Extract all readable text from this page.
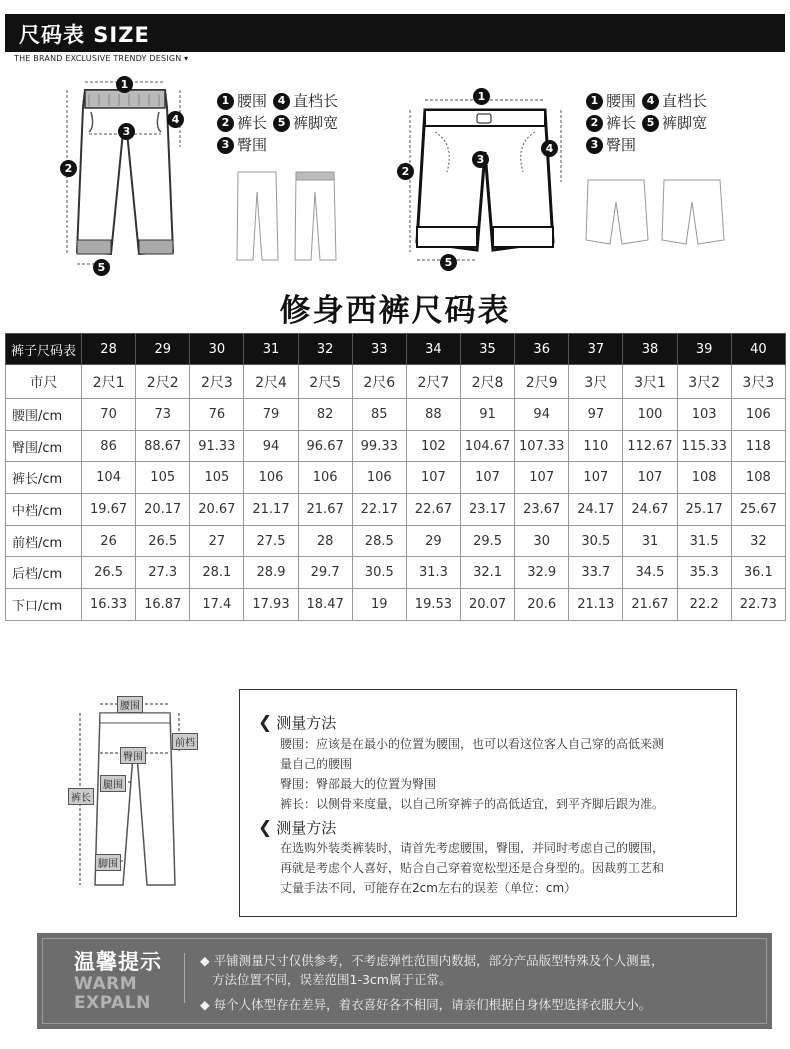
尺码表 SIZE
THE BRAND EXCLUSIVE TRENDY DESIGN ▾
1
2
3
4
5
1 腰围 4 直档长
2 裤长 5 裤脚宽
3 臀围
1
2
3
4
5
1 腰围 4 直档长
2 裤长 5 裤脚宽
3 臀围
修身西裤尺码表
裤子尺码表	28	29	30	31	32	33	34	35	36	37	38	39	40
市尺	2尺1	2尺2	2尺3	2尺4	2尺5	2尺6	2尺7	2尺8	2尺9	3尺	3尺1	3尺2	3尺3
腰围/cm	70	73	76	79	82	85	88	91	94	97	100	103	106
臀围/cm	86	88.67	91.33	94	96.67	99.33	102	104.67	107.33	110	112.67	115.33	118
裤长/cm	104	105	105	106	106	106	107	107	107	107	107	108	108
中档/cm	19.67	20.17	20.67	21.17	21.67	22.17	22.67	23.17	23.67	24.17	24.67	25.17	25.67
前档/cm	26	26.5	27	27.5	28	28.5	29	29.5	30	30.5	31	31.5	32
后档/cm	26.5	27.3	28.1	28.9	29.7	30.5	31.3	32.1	32.9	33.7	34.5	35.3	36.1
下口/cm	16.33	16.87	17.4	17.93	18.47	19	19.53	20.07	20.6	21.13	21.67	22.2	22.73
腰围
前档
臀围
腿围
裤长
脚围
❮ 测量方法
腰围：应该是在最小的位置为腰围，也可以看这位客人自己穿的高低来测
量自己的腰围
臀围：臀部最大的位置为臀围
裤长：以侧骨来度量，以自己所穿裤子的高低适宜，到平齐脚后跟为准。
❮ 测量方法
在选购外装类裤装时，请首先考虑腰围，臀围，并同时考虑自己的腰围，
再就是考虑个人喜好，贴合自己穿着宽松型还是合身型的。因裁剪工艺和
丈量手法不同，可能存在2cm左右的误差（单位：cm）
温馨提示
WARM
EXPALN
◆ 平铺测量尺寸仅供参考，不考虑弹性范围内数据，部分产品版型特殊及个人测量，
方法位置不同，误差范围1-3cm属于正常。
◆ 每个人体型存在差异，着衣喜好各不相同，请亲们根据自身体型选择衣服大小。
